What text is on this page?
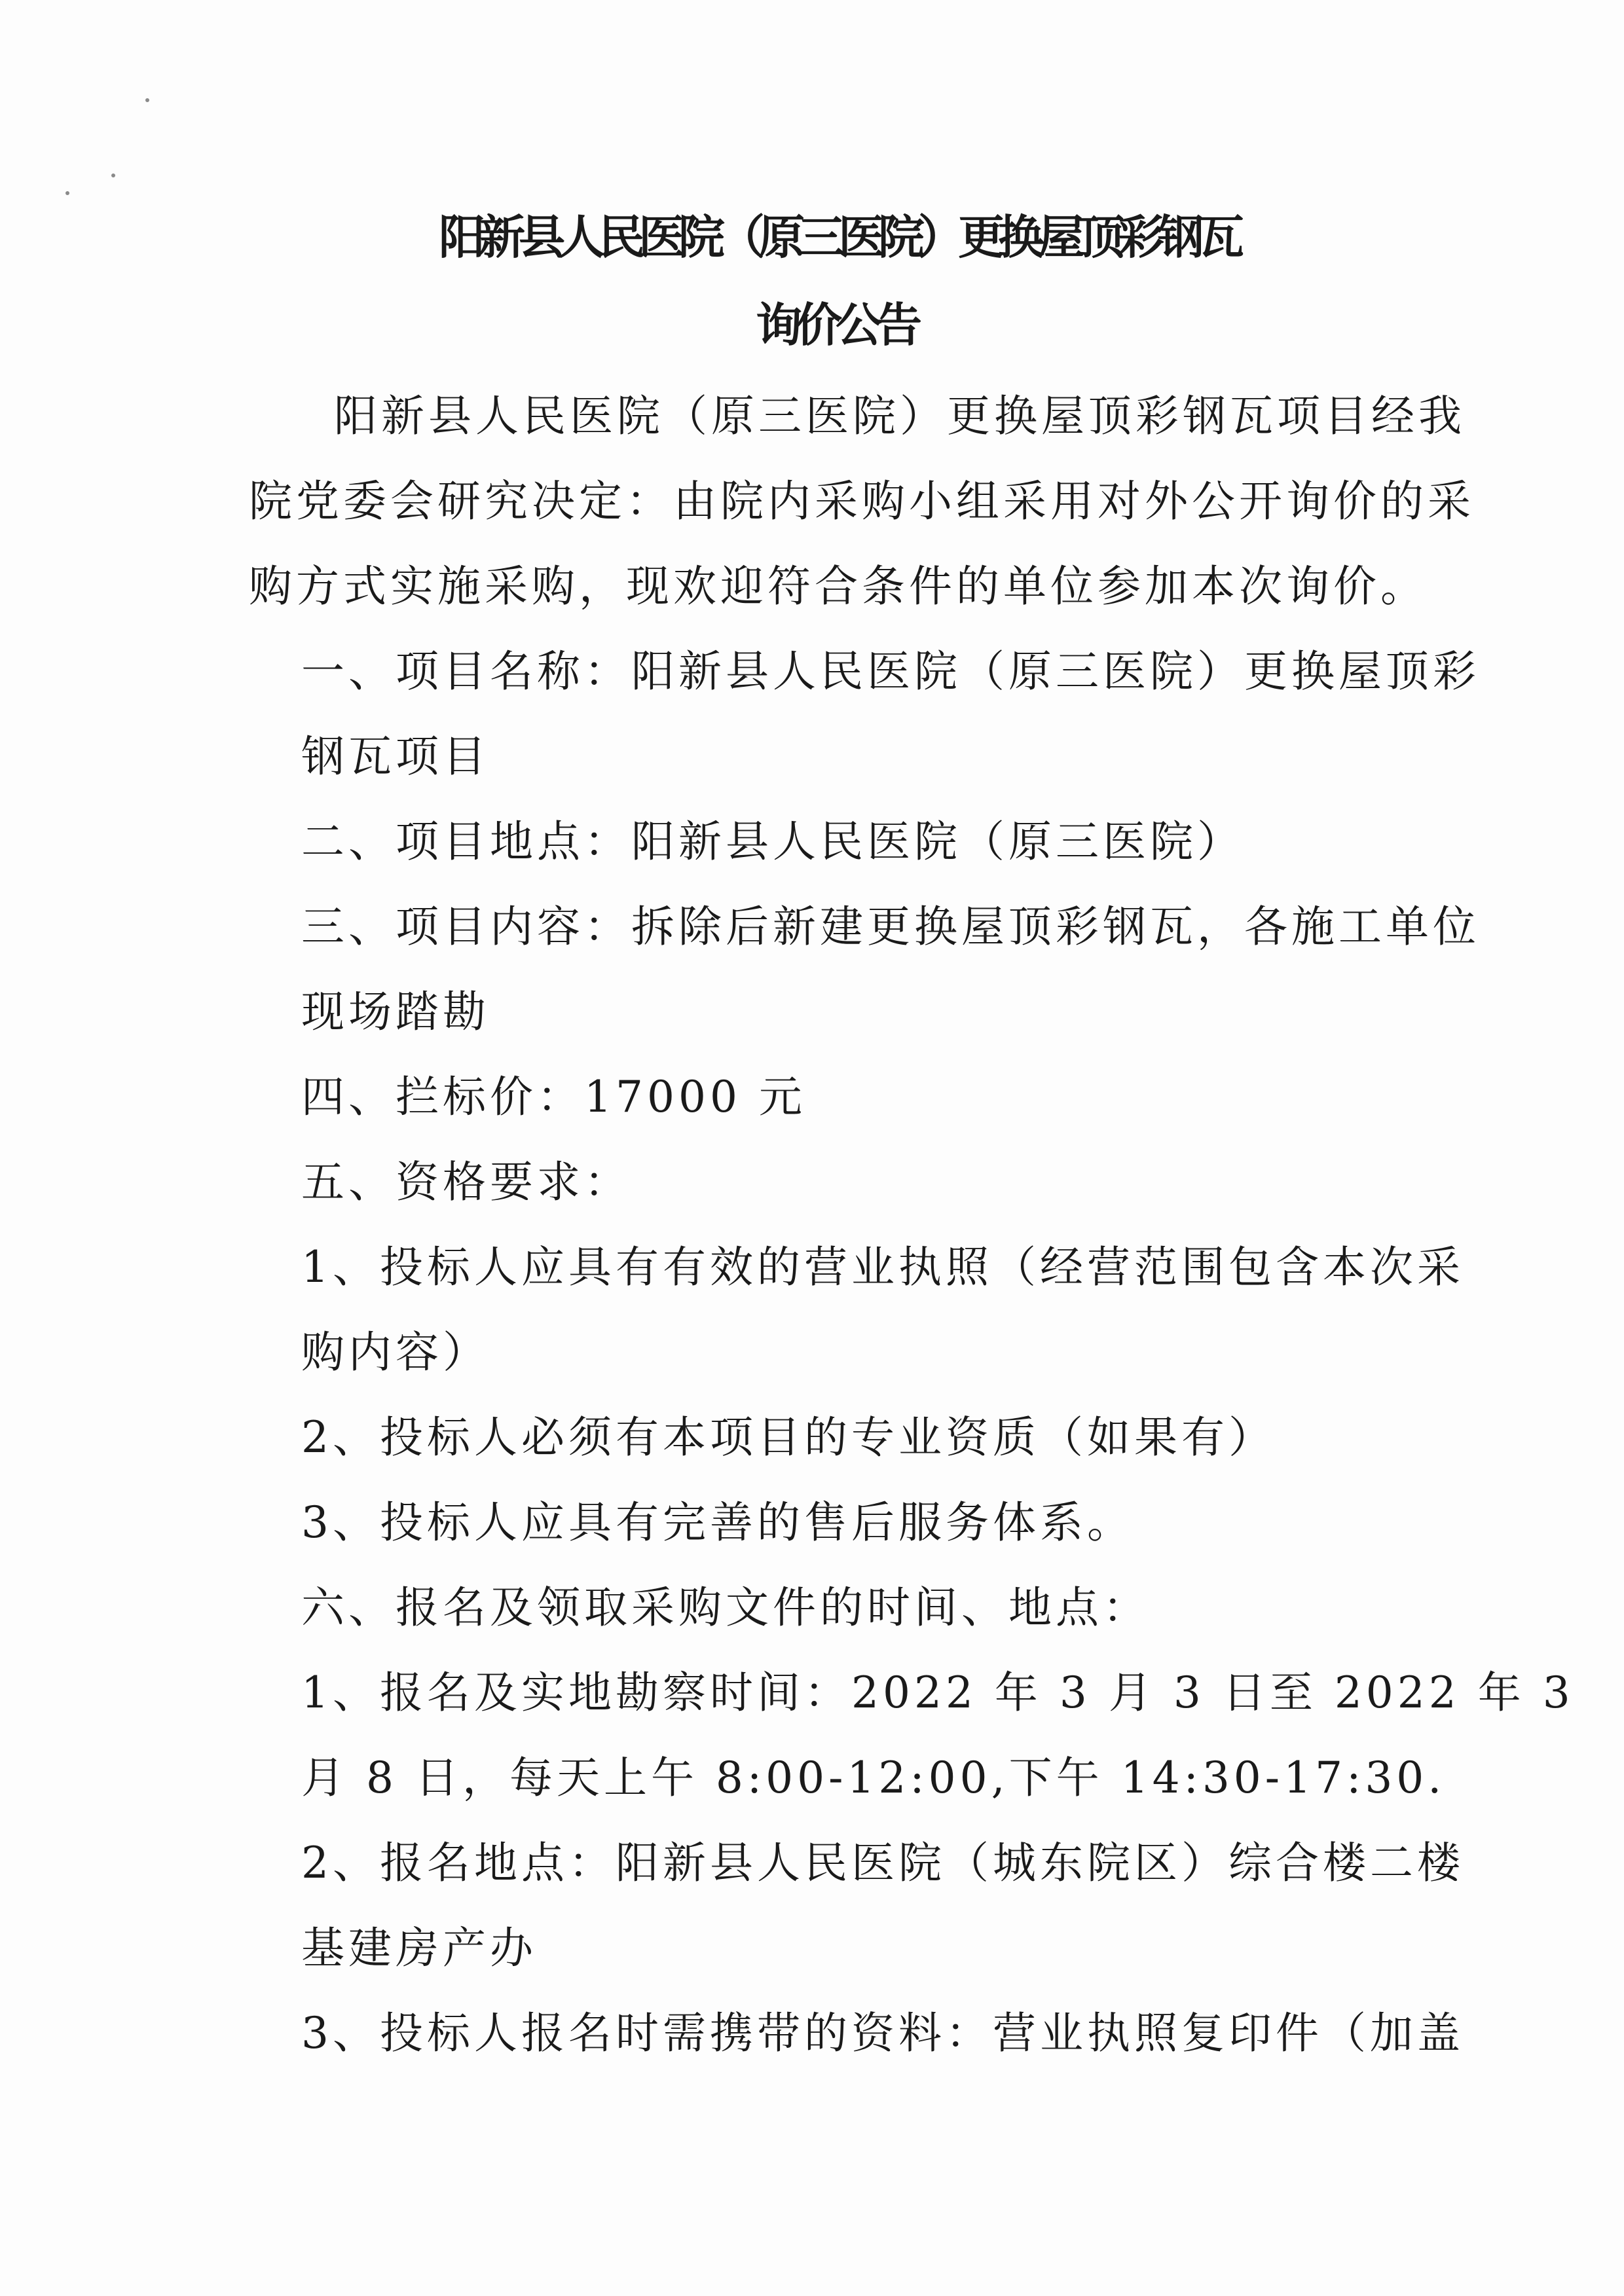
阳新县人民医院（原三医院）更换屋顶彩钢瓦
询价公告
阳新县人民医院（原三医院）更换屋顶彩钢瓦项目经我
院党委会研究决定：由院内采购小组采用对外公开询价的采
购方式实施采购，现欢迎符合条件的单位参加本次询价。
一、项目名称：阳新县人民医院（原三医院）更换屋顶彩
钢瓦项目
二、项目地点：阳新县人民医院（原三医院）
三、项目内容：拆除后新建更换屋顶彩钢瓦，各施工单位
现场踏勘
四、拦标价：17000 元
五、资格要求：
1、投标人应具有有效的营业执照（经营范围包含本次采
购内容）
2、投标人必须有本项目的专业资质（如果有）
3、投标人应具有完善的售后服务体系。
六、报名及领取采购文件的时间、地点：
1、报名及实地勘察时间：2022 年 3 月 3 日至 2022 年 3
月 8 日，每天上午 8:00-12:00,下午 14:30-17:30.
2、报名地点：阳新县人民医院（城东院区）综合楼二楼
基建房产办
3、投标人报名时需携带的资料：营业执照复印件（加盖
